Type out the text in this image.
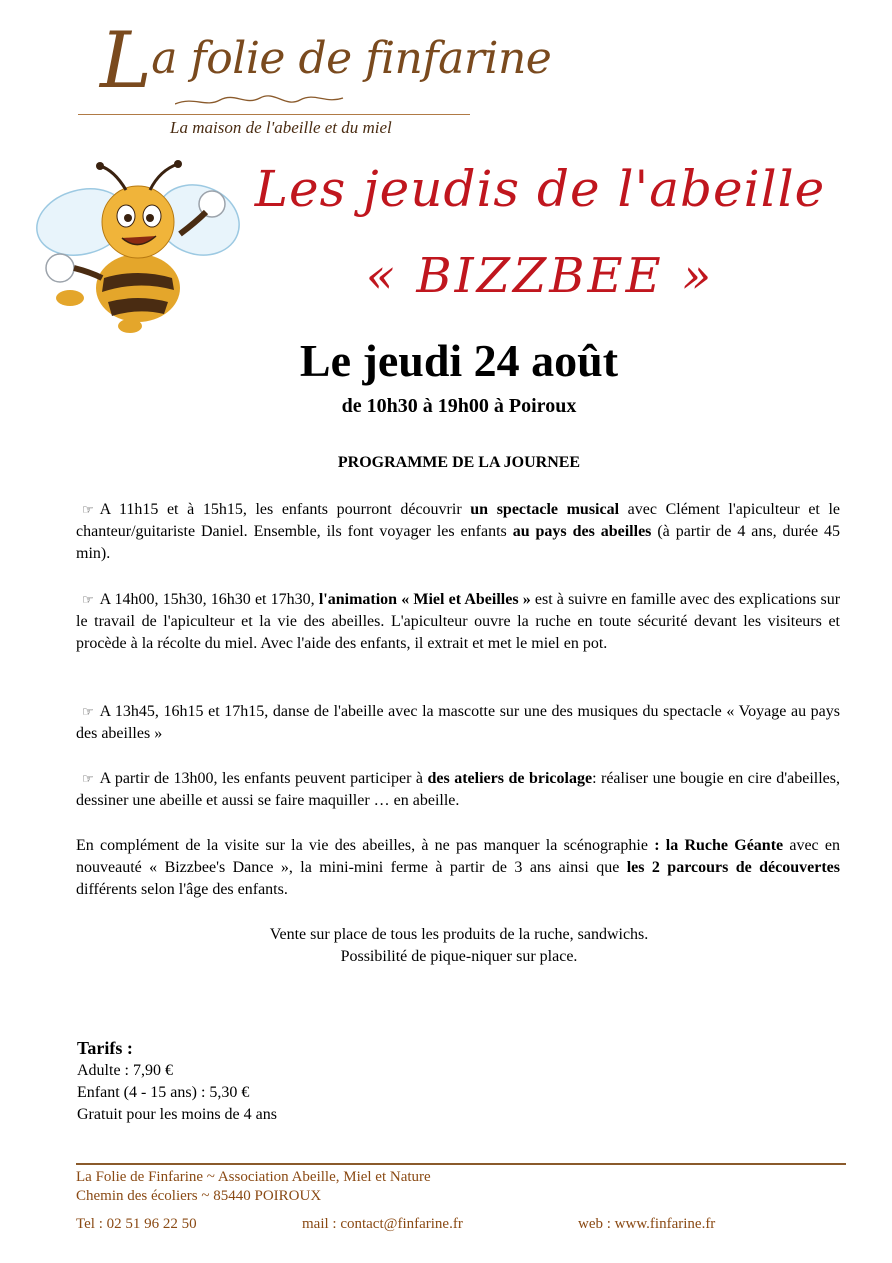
La folie de finfarine
La maison de l'abeille et du miel
Les jeudis de l'abeille
« BIZZBEE »
Le jeudi 24 août
de 10h30 à 19h00 à Poiroux
PROGRAMME DE LA JOURNEE
☞ A 11h15 et à 15h15, les enfants pourront découvrir un spectacle musical avec Clément l'apiculteur et le chanteur/guitariste Daniel. Ensemble, ils font voyager les enfants au pays des abeilles (à partir de 4 ans, durée 45 min).
☞ A 14h00, 15h30, 16h30 et 17h30, l'animation « Miel et Abeilles » est à suivre en famille avec des explications sur le travail de l'apiculteur et la vie des abeilles. L'apiculteur ouvre la ruche en toute sécurité devant les visiteurs et procède à la récolte du miel. Avec l'aide des enfants, il extrait et met le miel en pot.
☞ A 13h45, 16h15 et 17h15, danse de l'abeille avec la mascotte sur une des musiques du spectacle « Voyage au pays des abeilles »
☞ A partir de 13h00, les enfants peuvent participer à des ateliers de bricolage: réaliser une bougie en cire d'abeilles, dessiner une abeille et aussi se faire maquiller … en abeille.
En complément de la visite sur la vie des abeilles, à ne pas manquer la scénographie : la Ruche Géante avec en nouveauté « Bizzbee's Dance », la mini-mini ferme à partir de 3 ans ainsi que les 2 parcours de découvertes différents selon l'âge des enfants.
Vente sur place de tous les produits de la ruche, sandwichs.
Possibilité de pique-niquer sur place.
Tarifs :
Adulte : 7,90 €
Enfant (4 - 15 ans) : 5,30 €
Gratuit pour les moins de 4 ans
La Folie de Finfarine ~ Association Abeille, Miel et Nature
Chemin des écoliers ~ 85440 POIROUX
Tel : 02 51 96 22 50	mail : contact@finfarine.fr	web : www.finfarine.fr
